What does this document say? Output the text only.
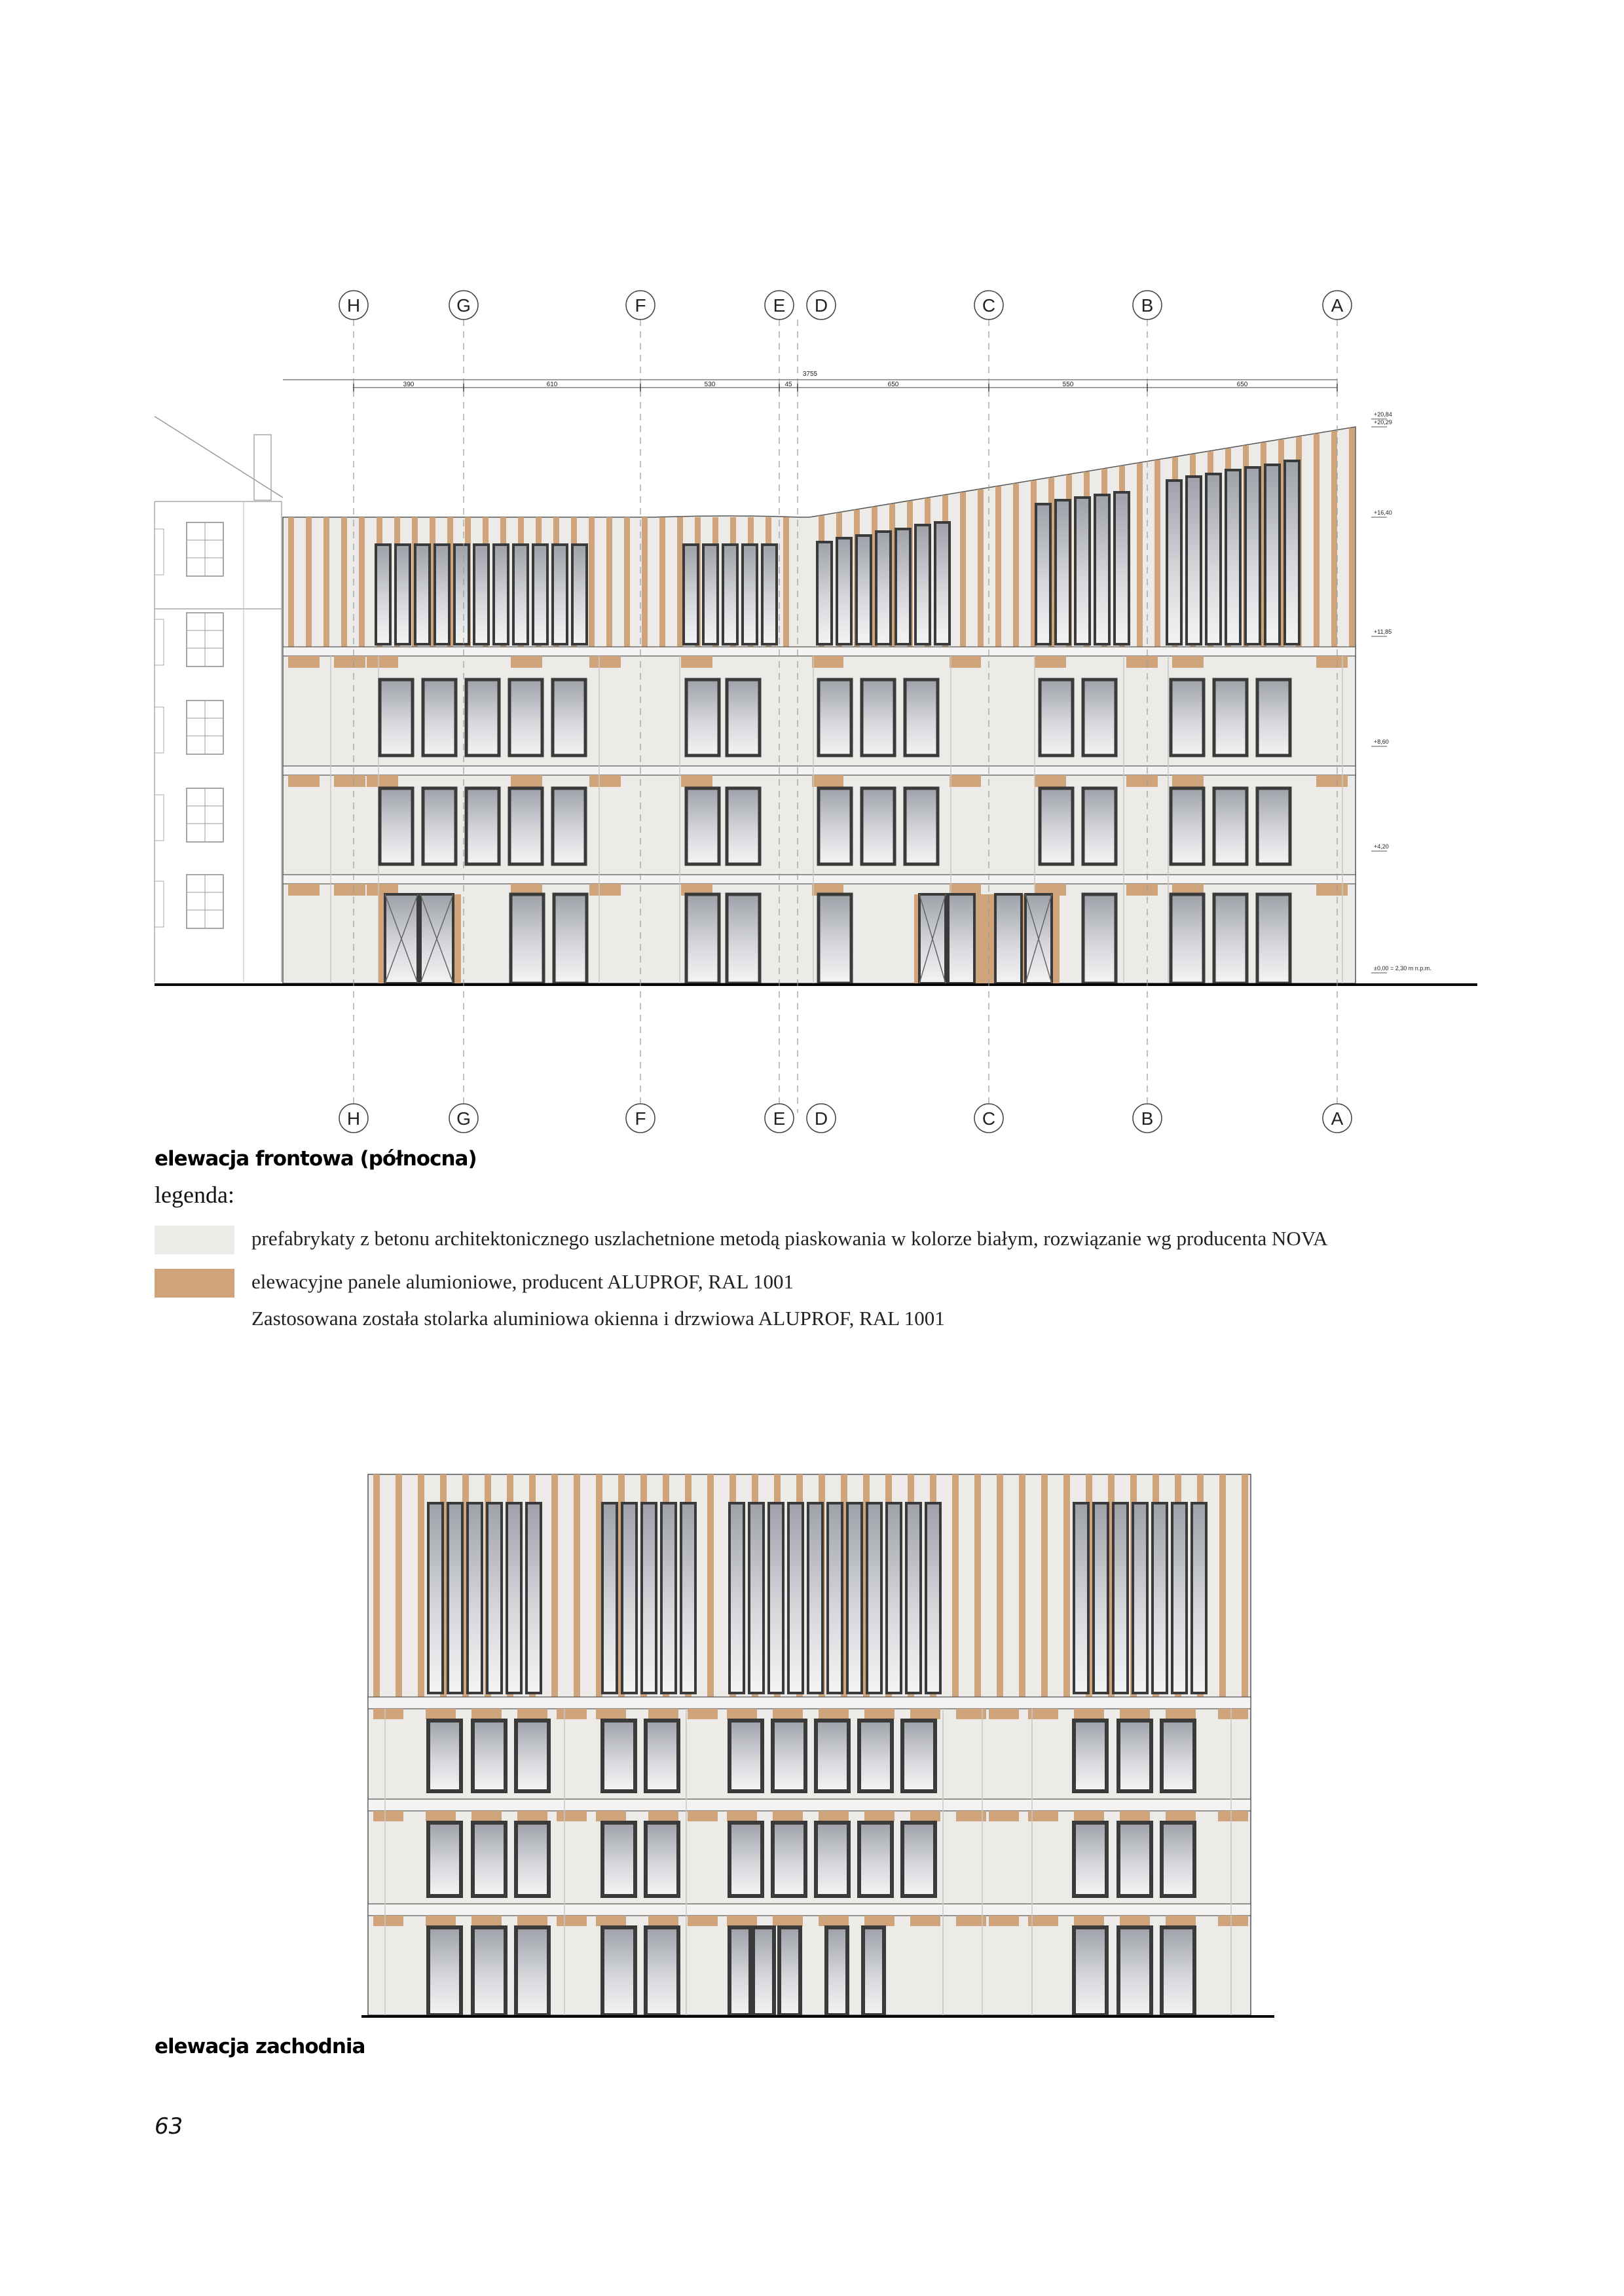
H
H
G
G
F
F
E
E
D
D
C
C
B
B
A
A
3755
390	610	530	45	650	550	650
+20,84
+20,29
+16,40
+11,85
+8,60
+4,20
±0,00 = 2,30 m n.p.m.
elewacja frontowa (północna)
legenda:
prefabrykaty z betonu architektonicznego uszlachetnione metodą piaskowania w kolorze białym, rozwiązanie wg producenta NOVA
elewacyjne panele alumioniowe, producent ALUPROF, RAL 1001
Zastosowana została stolarka aluminiowa okienna i drzwiowa ALUPROF, RAL 1001
elewacja zachodnia
63
